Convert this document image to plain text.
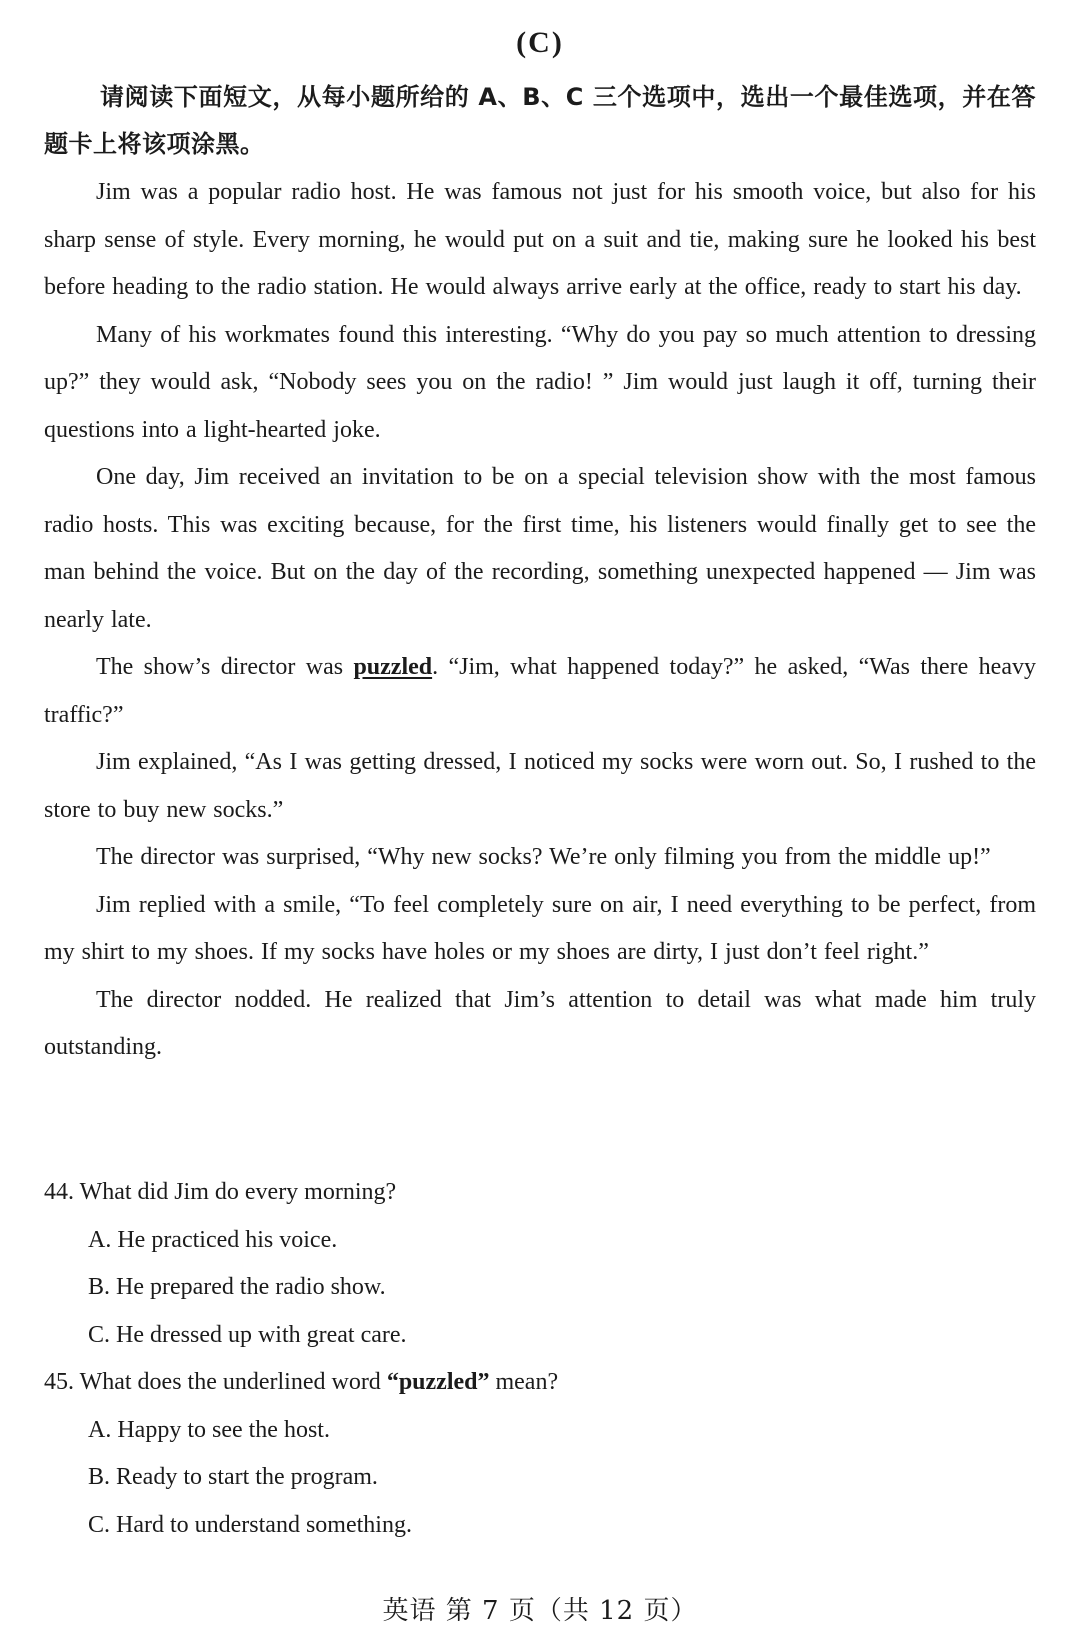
(C)
请阅读下面短文，从每小题所给的 A、B、C 三个选项中，选出一个最佳选项，并在答题卡上将该项涂黑。

Jim was a popular radio host. He was famous not just for his smooth voice, but also for his sharp sense of style. Every morning, he would put on a suit and tie, making sure he looked his best before heading to the radio station. He would always arrive early at the office, ready to start his day.

Many of his workmates found this interesting. “Why do you pay so much attention to dressing up?” they would ask, “Nobody sees you on the radio! ” Jim would just laugh it off, turning their questions into a light-hearted joke.

One day, Jim received an invitation to be on a special television show with the most famous radio hosts. This was exciting because, for the first time, his listeners would finally get to see the man behind the voice. But on the day of the recording, something unexpected happened — Jim was nearly late.

The show’s director was puzzled. “Jim, what happened today?” he asked, “Was there heavy traffic?”

Jim explained, “As I was getting dressed, I noticed my socks were worn out. So, I rushed to the store to buy new socks.”

The director was surprised, “Why new socks? We’re only filming you from the middle up!”

Jim replied with a smile, “To feel completely sure on air, I need everything to be perfect, from my shirt to my shoes. If my socks have holes or my shoes are dirty, I just don’t feel right.”

The director nodded. He realized that Jim’s attention to detail was what made him truly outstanding.

44. What did Jim do every morning?

A. He practiced his voice.

B. He prepared the radio show.

C. He dressed up with great care.

45. What does the underlined word “puzzled” mean?

A. Happy to see the host.

B. Ready to start the program.

C. Hard to understand something.

英语 第 7 页（共 12 页）
